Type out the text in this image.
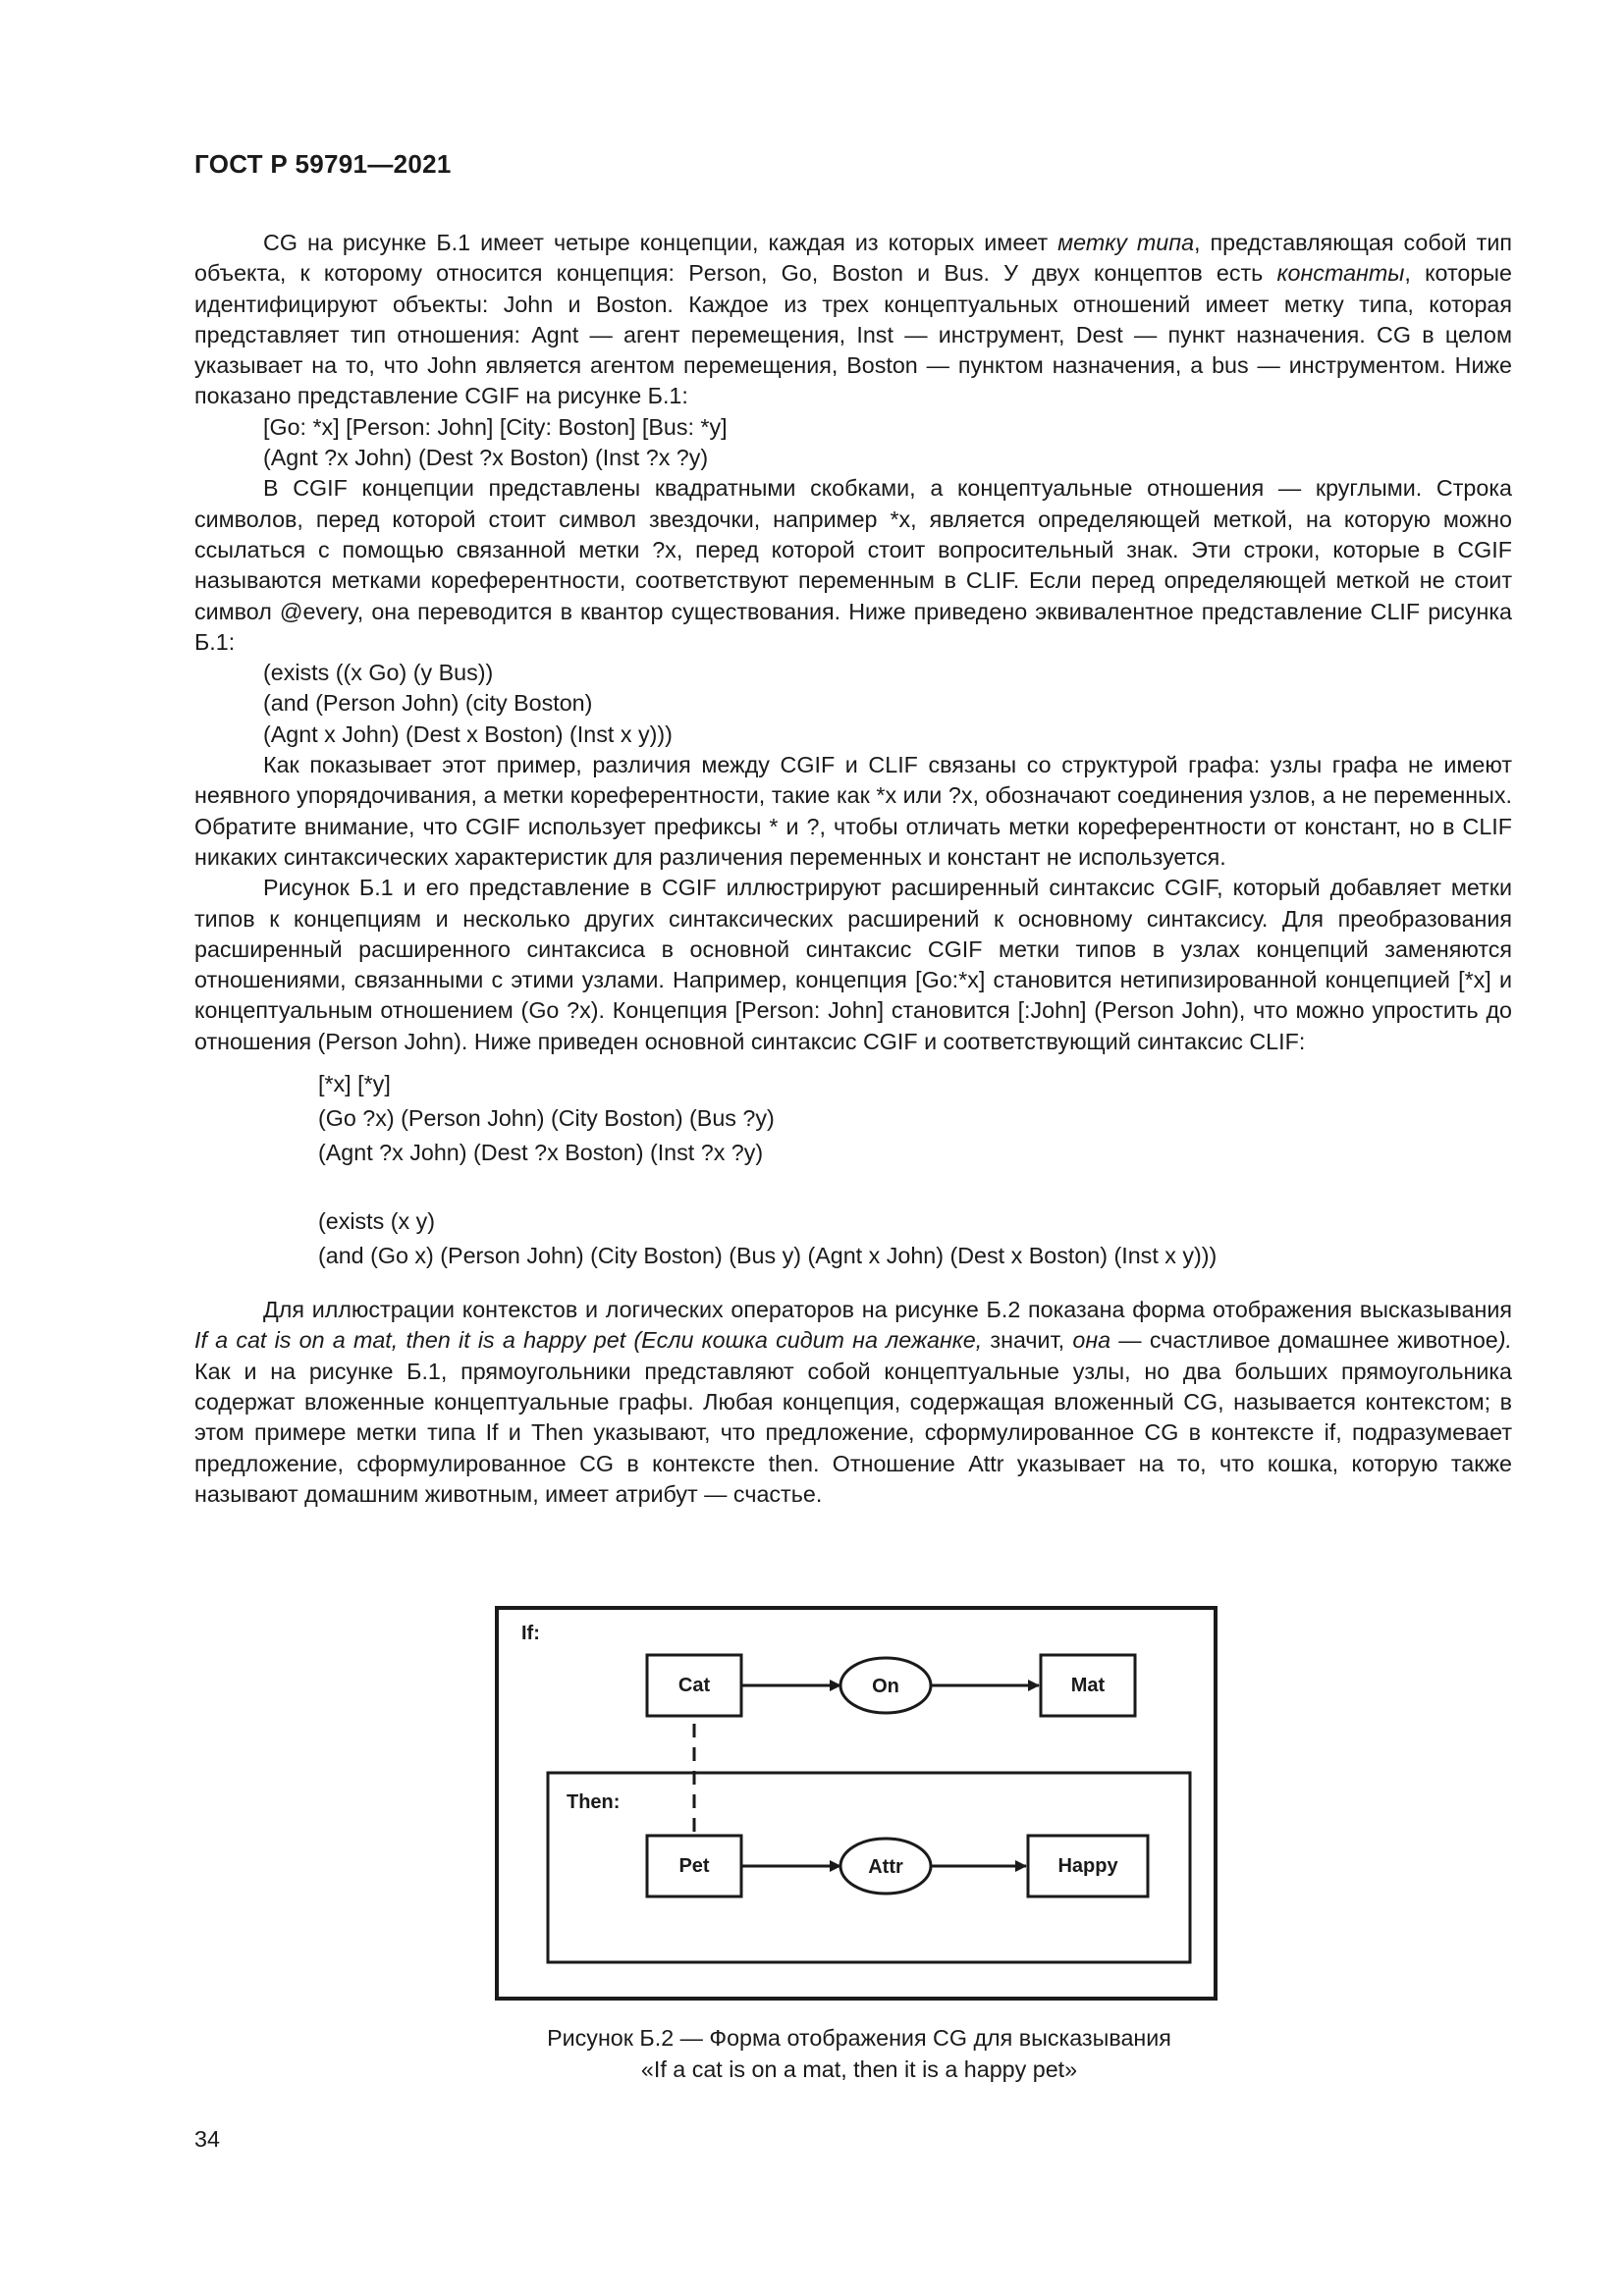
ГОСТ Р 59791—2021

CG на рисунке Б.1 имеет четыре концепции, каждая из которых имеет метку типа, представляющая собой тип объекта, к которому относится концепция: Person, Go, Boston и Bus. У двух концептов есть константы, которые идентифицируют объекты: John и Boston. Каждое из трех концептуальных отношений имеет метку типа, которая представляет тип отношения: Agnt — агент перемещения, Inst — инструмент, Dest — пункт назначения. CG в целом указывает на то, что John является агентом перемещения, Boston — пунктом назначения, а bus — инструментом. Ниже показано представление CGIF на рисунке Б.1:

[Go: *x] [Person: John] [City: Boston] [Bus: *y]
(Agnt ?x John) (Dest ?x Boston) (Inst ?x ?y)

В CGIF концепции представлены квадратными скобками, а концептуальные отношения — круглыми. Строка символов, перед которой стоит символ звездочки, например *x, является определяющей меткой, на которую можно ссылаться с помощью связанной метки ?x, перед которой стоит вопросительный знак. Эти строки, которые в CGIF называются метками кореферентности, соответствуют переменным в CLIF. Если перед определяющей меткой не стоит символ @every, она переводится в квантор существования. Ниже приведено эквивалентное представление CLIF рисунка Б.1:

(exists ((x Go) (y Bus))
(and (Person John) (city Boston)
(Agnt x John) (Dest x Boston) (Inst x y)))

Как показывает этот пример, различия между CGIF и CLIF связаны со структурой графа: узлы графа не имеют неявного упорядочивания, а метки кореферентности, такие как *x или ?x, обозначают соединения узлов, а не переменных. Обратите внимание, что CGIF использует префиксы * и ?, чтобы отличать метки кореферентности от констант, но в CLIF никаких синтаксических характеристик для различения переменных и констант не используется.

Рисунок Б.1 и его представление в CGIF иллюстрируют расширенный синтаксис CGIF, который добавляет метки типов к концепциям и несколько других синтаксических расширений к основному синтаксису. Для преобразования расширенный расширенного синтаксиса в основной синтаксис CGIF метки типов в узлах концепций заменяются отношениями, связанными с этими узлами. Например, концепция [Go:*x] становится нетипизированной концепцией [*x] и концептуальным отношением (Go ?x). Концепция [Person: John] становится [:John] (Person John), что можно упростить до отношения (Person John). Ниже приведен основной синтаксис CGIF и соответствующий синтаксис CLIF:

[*x] [*y]
(Go ?x) (Person John) (City Boston) (Bus ?y)
(Agnt ?x John) (Dest ?x Boston) (Inst ?x ?y)
(exists (x y)
(and (Go x) (Person John) (City Boston) (Bus y) (Agnt x John) (Dest x Boston) (Inst x y)))

Для иллюстрации контекстов и логических операторов на рисунке Б.2 показана форма отображения высказывания If a cat is on a mat, then it is a happy pet (Если кошка сидит на лежанке, значит, она — счастливое домашнее животное). Как и на рисунке Б.1, прямоугольники представляют собой концептуальные узлы, но два больших прямоугольника содержат вложенные концептуальные графы. Любая концепция, содержащая вложенный CG, называется контекстом; в этом примере метки типа If и Then указывают, что предложение, сформулированное CG в контексте if, подразумевает предложение, сформулированное CG в контексте then. Отношение Attr указывает на то, что кошка, которую также называют домашним животным, имеет атрибут — счастье.

If:
Then:
Cat	On	Mat
Pet	Attr	Happy
Рисунок Б.2 — Форма отображения CG для высказывания
«If a cat is on a mat, then it is a happy pet»
34
